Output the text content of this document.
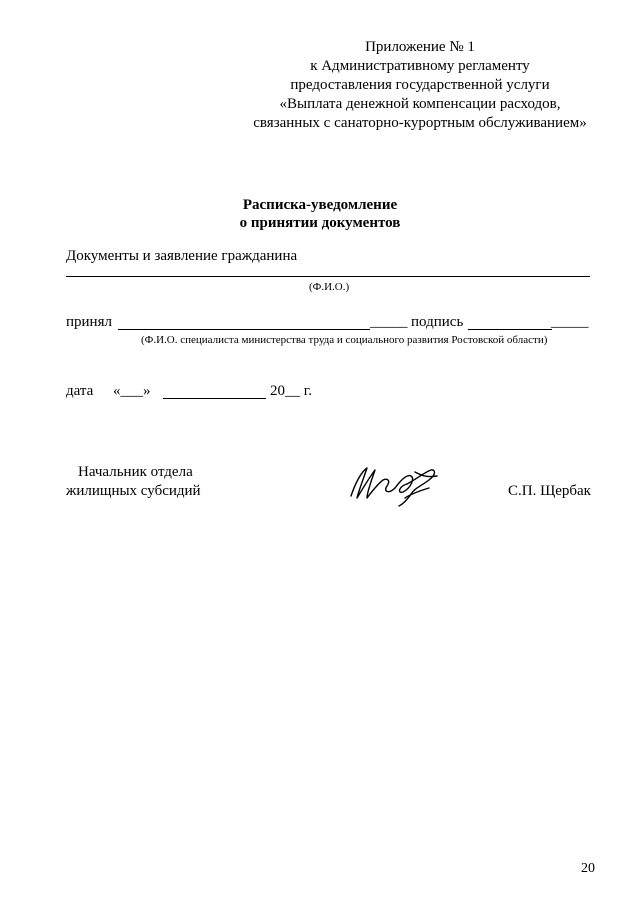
Приложение № 1
к Административному регламенту
предоставления государственной услуги
«Выплата денежной компенсации расходов,
связанных с санаторно-курортным обслуживанием»
Расписка-уведомление
о принятии документов
Документы и заявлeние гражданина
(Ф.И.О.)
принял	_____ подпись	_____
(Ф.И.О. специалиста министерства труда и социального развития Ростовской области)
дата «___»	20__ г.
Начальник отдела
жилищных субсидий	С.П. Щербак
20
